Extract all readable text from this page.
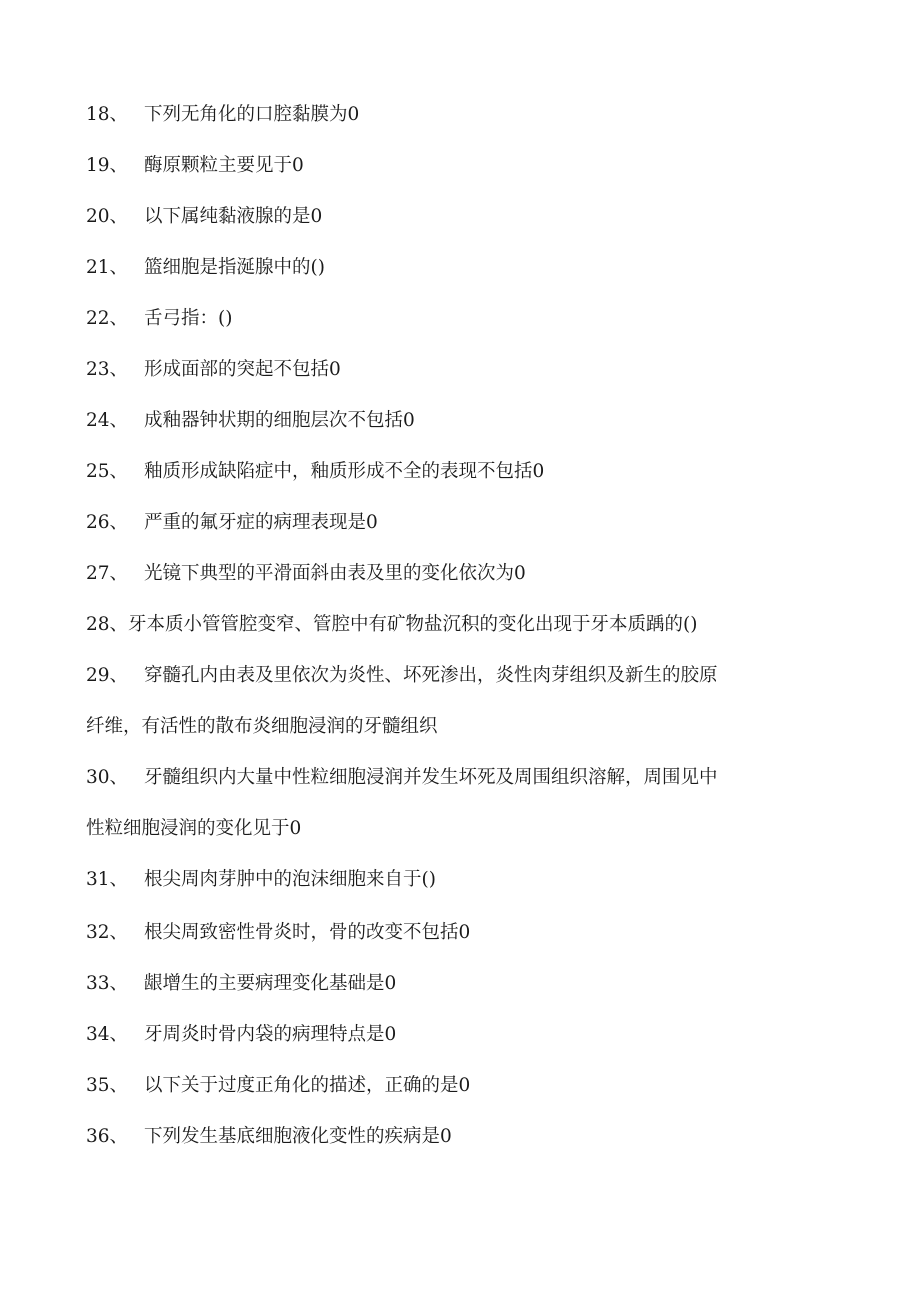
18、 下列无角化的口腔黏膜为0
19、 酶原颗粒主要见于0
20、 以下属纯黏液腺的是0
21、 篮细胞是指涎腺中的()
22、 舌弓指：()
23、 形成面部的突起不包括0
24、 成釉器钟状期的细胞层次不包括0
25、 釉质形成缺陷症中，釉质形成不全的表现不包括0
26、 严重的氟牙症的病理表现是0
27、 光镜下典型的平滑面斜由表及里的变化依次为0
28、牙本质小管管腔变窄、管腔中有矿物盐沉积的变化出现于牙本质踽的()
29、 穿髓孔内由表及里依次为炎性、坏死渗出，炎性肉芽组织及新生的胶原
纤维，有活性的散布炎细胞浸润的牙髓组织
30、 牙髓组织内大量中性粒细胞浸润并发生坏死及周围组织溶解，周围见中
性粒细胞浸润的变化见于0
31、 根尖周肉芽肿中的泡沫细胞来自于()
32、 根尖周致密性骨炎时，骨的改变不包括0
33、 龈增生的主要病理变化基础是0
34、 牙周炎时骨内袋的病理特点是0
35、 以下关于过度正角化的描述，正确的是0
36、 下列发生基底细胞液化变性的疾病是0
